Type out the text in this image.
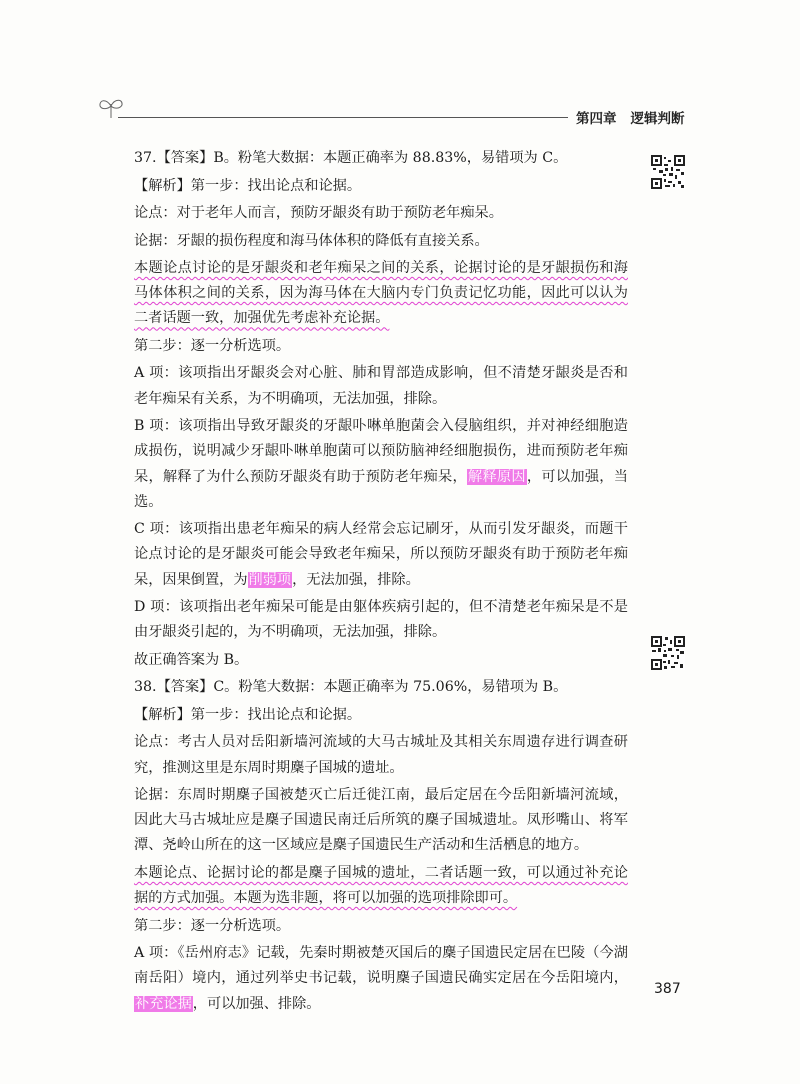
第四章 逻辑判断

37.【答案】B。粉笔大数据：本题正确率为 88.83%，易错项为 C。

【解析】第一步：找出论点和论据。

论点：对于老年人而言，预防牙龈炎有助于预防老年痴呆。

论据：牙龈的损伤程度和海马体体积的降低有直接关系。

本题论点讨论的是牙龈炎和老年痴呆之间的关系，论据讨论的是牙龈损伤和海马体体积之间的关系，因为海马体在大脑内专门负责记忆功能，因此可以认为二者话题一致，加强优先考虑补充论据。

第二步：逐一分析选项。

A 项：该项指出牙龈炎会对心脏、肺和胃部造成影响，但不清楚牙龈炎是否和老年痴呆有关系，为不明确项，无法加强，排除。

B 项：该项指出导致牙龈炎的牙龈卟啉单胞菌会入侵脑组织，并对神经细胞造成损伤，说明减少牙龈卟啉单胞菌可以预防脑神经细胞损伤，进而预防老年痴呆，解释了为什么预防牙龈炎有助于预防老年痴呆，解释原因，可以加强，当选。

C 项：该项指出患老年痴呆的病人经常会忘记刷牙，从而引发牙龈炎，而题干论点讨论的是牙龈炎可能会导致老年痴呆，所以预防牙龈炎有助于预防老年痴呆，因果倒置，为削弱项，无法加强，排除。

D 项：该项指出老年痴呆可能是由躯体疾病引起的，但不清楚老年痴呆是不是由牙龈炎引起的，为不明确项，无法加强，排除。

故正确答案为 B。

38.【答案】C。粉笔大数据：本题正确率为 75.06%，易错项为 B。

【解析】第一步：找出论点和论据。

论点：考古人员对岳阳新墙河流域的大马古城址及其相关东周遗存进行调查研究，推测这里是东周时期麇子国城的遗址。

论据：东周时期麇子国被楚灭亡后迁徙江南，最后定居在今岳阳新墙河流域，因此大马古城址应是麇子国遗民南迁后所筑的麇子国城遗址。凤形嘴山、将军潭、尧岭山所在的这一区域应是麇子国遗民生产活动和生活栖息的地方。

本题论点、论据讨论的都是麇子国城的遗址，二者话题一致，可以通过补充论据的方式加强。本题为选非题，将可以加强的选项排除即可。

第二步：逐一分析选项。

A 项：《岳州府志》记载，先秦时期被楚灭国后的麇子国遗民定居在巴陵（今湖南岳阳）境内，通过列举史书记载，说明麇子国遗民确实定居在今岳阳境内，补充论据，可以加强、排除。

387
